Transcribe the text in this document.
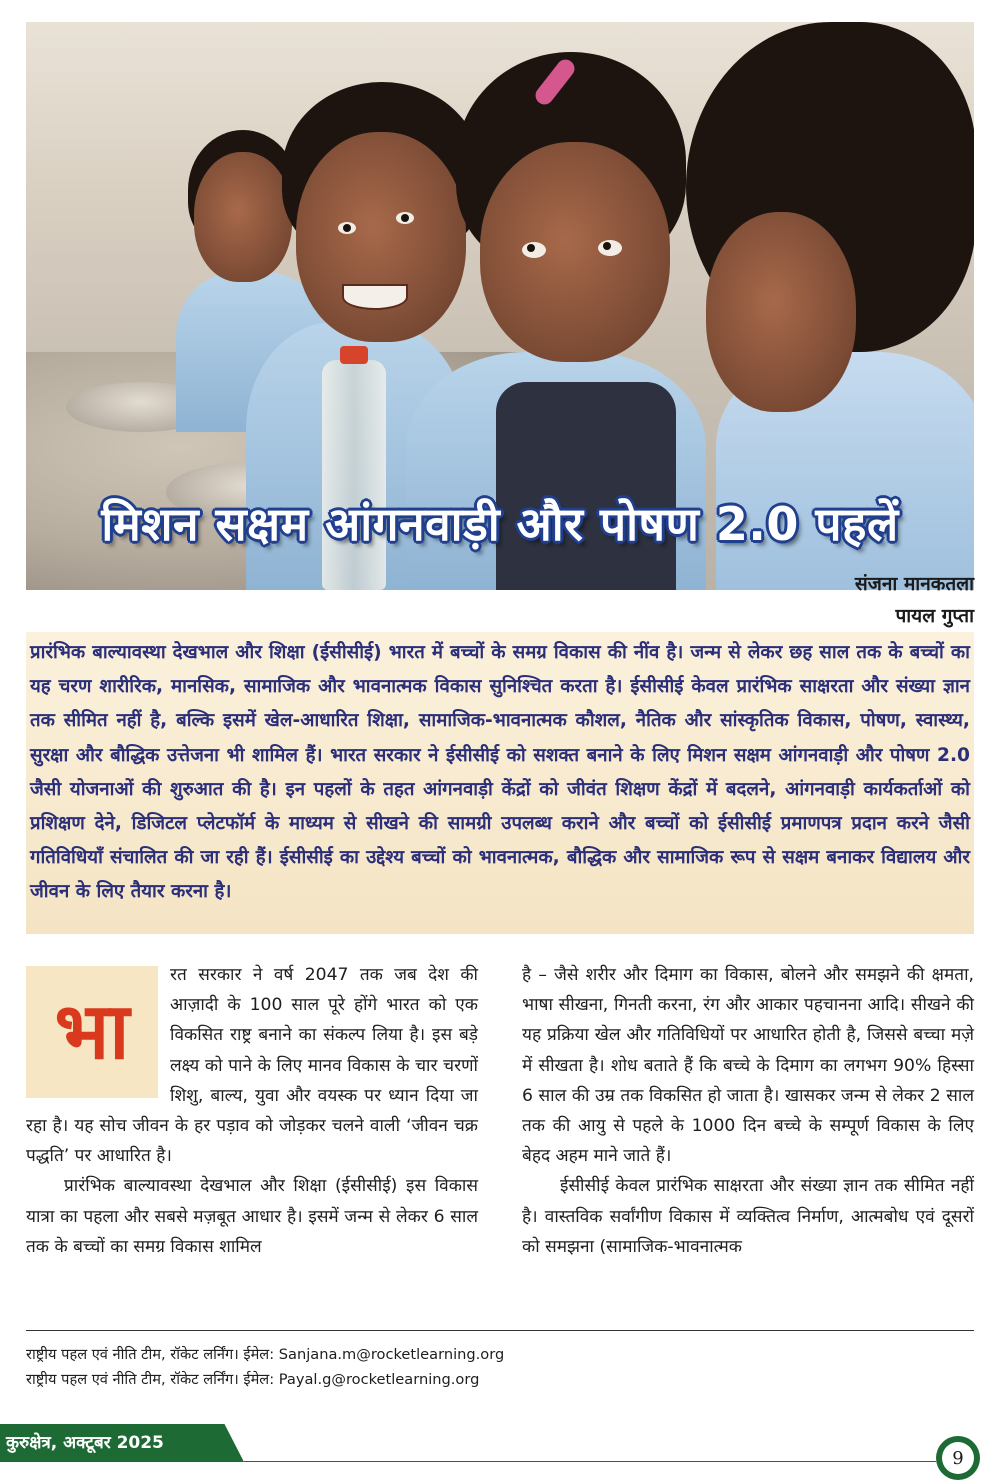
मिशन सक्षम आंगनवाड़ी और पोषण 2.0 पहलें
संजना मानकतला
पायल गुप्ता

प्रारंभिक बाल्यावस्था देखभाल और शिक्षा (ईसीसीई) भारत में बच्चों के समग्र विकास की नींव है। जन्म से लेकर छह साल तक के बच्चों का यह चरण शारीरिक, मानसिक, सामाजिक और भावनात्मक विकास सुनिश्चित करता है। ईसीसीई केवल प्रारंभिक साक्षरता और संख्या ज्ञान तक सीमित नहीं है, बल्कि इसमें खेल-आधारित शिक्षा, सामाजिक-भावनात्मक कौशल, नैतिक और सांस्कृतिक विकास, पोषण, स्वास्थ्य, सुरक्षा और बौद्धिक उत्तेजना भी शामिल हैं। भारत सरकार ने ईसीसीई को सशक्त बनाने के लिए मिशन सक्षम आंगनवाड़ी और पोषण 2.0 जैसी योजनाओं की शुरुआत की है। इन पहलों के तहत आंगनवाड़ी केंद्रों को जीवंत शिक्षण केंद्रों में बदलने, आंगनवाड़ी कार्यकर्ताओं को प्रशिक्षण देने, डिजिटल प्लेटफॉर्म के माध्यम से सीखने की सामग्री उपलब्ध कराने और बच्चों को ईसीसीई प्रमाणपत्र प्रदान करने जैसी गतिविधियाँ संचालित की जा रही हैं। ईसीसीई का उद्देश्य बच्चों को भावनात्मक, बौद्धिक और सामाजिक रूप से सक्षम बनाकर विद्यालय और जीवन के लिए तैयार करना है।

भा

रत सरकार ने वर्ष 2047 तक जब देश की आज़ादी के 100 साल पूरे होंगे भारत को एक विकसित राष्ट्र बनाने का संकल्प लिया है। इस बड़े लक्ष्य को पाने के लिए मानव विकास के चार चरणों शिशु, बाल्य, युवा और वयस्क पर ध्यान दिया जा रहा है। यह सोच जीवन के हर पड़ाव को जोड़कर चलने वाली ‘जीवन चक्र पद्धति’ पर आधारित है।

प्रारंभिक बाल्यावस्था देखभाल और शिक्षा (ईसीसीई) इस विकास यात्रा का पहला और सबसे मज़बूत आधार है। इसमें जन्म से लेकर 6 साल तक के बच्चों का समग्र विकास शामिल

है – जैसे शरीर और दिमाग का विकास, बोलने और समझने की क्षमता, भाषा सीखना, गिनती करना, रंग और आकार पहचानना आदि। सीखने की यह प्रक्रिया खेल और गतिविधियों पर आधारित होती है, जिससे बच्चा मज़े में सीखता है। शोध बताते हैं कि बच्चे के दिमाग का लगभग 90% हिस्सा 6 साल की उम्र तक विकसित हो जाता है। खासकर जन्म से लेकर 2 साल तक की आयु से पहले के 1000 दिन बच्चे के सम्पूर्ण विकास के लिए बेहद अहम माने जाते हैं।

ईसीसीई केवल प्रारंभिक साक्षरता और संख्या ज्ञान तक सीमित नहीं है। वास्तविक सर्वांगीण विकास में व्यक्तित्व निर्माण, आत्मबोध एवं दूसरों को समझना (सामाजिक-भावनात्मक

राष्ट्रीय पहल एवं नीति टीम, रॉकेट लर्निंग। ईमेल: Sanjana.m@rocketlearning.org
राष्ट्रीय पहल एवं नीति टीम, रॉकेट लर्निंग। ईमेल: Payal.g@rocketlearning.org
कुरुक्षेत्र, अक्टूबर 2025
9
